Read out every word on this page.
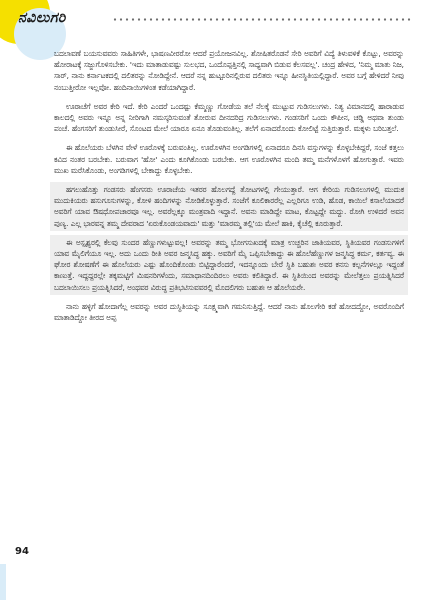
ನವಿಲುಗರಿ

ಬದಲಾವಣೆ ಬಯಸುವವರು ಸಾಹಿತಿಗಳೇ, ಭಾಷಣವೀರರೋ ಆದರೆ ಪ್ರಯೋಜನವಿಲ್ಲ. ಶೋಷಿತರೊಡನೆ ಸೇರಿ ಅವರಿಗೆ ವಿದ್ಯೆ ತಿಳುವಳಿಕೆ ಕೊಟ್ಟು, ಅವರನ್ನು ಹೋರಾಟಕ್ಕೆ ಸಜ್ಜುಗೊಳಿಸಬೇಕು. 'ಇದು ಮಾತಾಡುವಷ್ಟು ಸುಲಭದ, ಒಂದೊಪ್ಪತ್ತಿನಲ್ಲಿ ಸಾಧ್ಯವಾಗಿ ಬಿಡುವ ಕೆಲಸವಲ್ಲ'. ಚಂದ್ರ ಹೇಳಿದ, 'ನಿಮ್ಮ ಮಾತು ನಿಜ, ಸಾರ್, ನಾನು ಕರ್ನಾಟಕದಲ್ಲಿ ದಲಿತರನ್ನು ನೋಡಿದ್ದೇನೆ. ಆದರೆ ನನ್ನ ಹುಟ್ಟೂರಿನಲ್ಲಿರುವ ದಲಿತರು ಇನ್ನೂ ಹೀನಸ್ಥಿತಿಯಲ್ಲಿದ್ದಾರೆ. ಅವರ ಬಗ್ಗೆ ಹೇಳಿದರೆ ನೀವು ನಂಬುತ್ತೀರೋ ಇಲ್ಲವೋ. ಹಂದಿನಾಯಿಗಳಿಂತ ಕಡೆಯಾಗಿದ್ದಾರೆ.

ಊರಾಚೆಗೆ ಅವರ ಕೇರಿ ಇದೆ. ಕೇರಿ ಎಂದರೆ ಒಂದಷ್ಟು ಕೆಮ್ಮಣ್ಣು ಗೋಡೆಯ ತಲೆ ನೆಲಕ್ಕೆ ಮುಟ್ಟುವ ಗುಡಿಸಲುಗಳು. ನಿತ್ಯ ವಿಮಾನದಲ್ಲಿ ಹಾರಾಡುವ ಕಾಲದಲ್ಲಿ ಅವರು ಇನ್ನೂ ಅನ್ನ ನೀರಿಗಾಗಿ ನಮಸ್ಕರಿಸುವಂತೆ ತೋರುವ ದೀನದರಿದ್ರ ಗುಡಿಸಲುಗಳು. ಗಂಡಸರಿಗೆ ಒಂದು ಕೌಪೀನ, ಚಡ್ಡಿ ಅಥವಾ ತುಂಡು ಪಂಚೆ. ಹೆಂಗಸರಿಗೆ ತುಂಡುಸೀರೆ, ಸೊಂಟದ ಮೇಲೆ ಯಾರೂ ಏನೂ ತೊಡುವಂತಿಲ್ಲ. ತಲೆಗೆ ಏನಾದರೊಂದು ಕೋಲಿಟ್ಟೆ ಸುತ್ತಿರುತ್ತಾರೆ. ಮಕ್ಕಳು ಬರಿಬತ್ತಲೆ.

ಈ ಹೊಲೆಯರು ಬೆಳಗಿನ ವೇಳೆ ಊರೊಳಕ್ಕೆ ಬರುವಂತಿಲ್ಲ. ಊರೊಳಗಿನ ಅಂಗಡಿಗಳಲ್ಲಿ ಏನಾದರೂ ದಿನಸಿ ವಸ್ತುಗಳನ್ನು ಕೊಳ್ಳಬೇಕಿದ್ದರೆ, ಸಂಜೆ ಕತ್ತಲು ಕವಿದ ನಂತರ ಬರಬೇಕು. ಬರುವಾಗ 'ಹೋ' ಎಂದು ಕೂಗಿಕೊಂಡು ಬರಬೇಕು. ಆಗ ಊರೊಳಗಿನ ಮಂದಿ ತಮ್ಮ ಮನೆಗಳೊಳಗೆ ಹೋಗುತ್ತಾರೆ. ಇವರು ಮುಖ ಮರೆಸಿಕೊಂಡು, ಅಂಗಡಿಗಳಲ್ಲಿ ಬೇಕಾದ್ದು ಕೊಳ್ಳಬೇಕು.

ಹಗಲುಹೊತ್ತು ಗಂಡಸರು ಹೆಂಗಸರು ಊರಾಚೆಯ ಇತರರ ಹೊಲಗದ್ದೆ ತೋಟಗಳಲ್ಲಿ ಗೇಯುತ್ತಾರೆ. ಆಗ ಕೇರಿಯ ಗುಡಿಸಲುಗಳಲ್ಲಿ ಮುದುಕ ಮುದುಕಿಯರು ಹಸುಗೂಸುಗಳನ್ನು, ಕೋಳಿ ಹಂದಿಗಳನ್ನು ನೋಡಿಕೊಳ್ಳುತ್ತಾರೆ. ಸಂಜೆಗೆ ಕೂಲಿಕಾರರೆಲ್ಲ ಎಲ್ಲರಿಗೂ ಉಡಿ, ಹೊಡ, ಕಾಯಿಲೆ ಕಸಾಲೆಯಾದರೆ ಅವರಿಗೆ ಯಾವ ಔಷಧೋಪಚಾರವೂ ಇಲ್ಲ. ಅವರೆಲ್ಲಕ್ಕೂ ಮಂತ್ರವಾದಿ ಇದ್ದಾನೆ. ಅವನು ಮಾಡಿದ್ದೇ ಮಾಟ, ಕೊಟ್ಟದ್ದೇ ಮದ್ದು. ರೋಗಿ ಉಳಿದರೆ ಅವನ ಪುಣ್ಯ. ಎಲ್ಲ ಭಾರವನ್ನ ತಮ್ಮ ದೇವರಾದ 'ಏರುಕೊಂಡಯವಾದು' ಮತ್ತು 'ಮಾರಮ್ಮ ತಲ್ಲಿ'ಯ ಮೇಲೆ ಹಾಕಿ, ಕೈಚೆಲ್ಲಿ ಕೂರುತ್ತಾರೆ.

ಈ ಅಸ್ಪೃಶ್ಯರಲ್ಲಿ ಕೆಲವು ಸುಂದರ ಹೆಣ್ಣುಗಳುಟ್ಟುವಲ್ಲ! ಅವರನ್ನು ತಮ್ಮ ಭೋಗಸುಖದಕ್ಕೆ ಮಾತ್ರ ಉಚ್ಚರಿನ ಜಾತಿಯವರ, ಸ್ಥಿತಿಯವರ ಗಂಡಸುಗಳಿಗೆ ಯಾವ ಮೈಲಿಗೆಯೂ ಇಲ್ಲ. ಅದು ಒಂದು ರೀತಿ ಅವರ ಜನ್ಮಸಿದ್ಧ ಹಕ್ಕು. ಅವರಿಗೆ ಮೈ ಒಪ್ಪಿಸಬೇಕಾದ್ದು ಈ ಹೊಲೆಹೆಣ್ಣುಗಳ ಜನ್ಮಸಿದ್ಧ ಕರ್ಮ, ಕರ್ತವ್ಯ. ಈ ಘೋರ ಶೋಷಣೆಗೆ ಈ ಹೊಲೆಯರು ಎಷ್ಟು ಹೊಂದಿಕೊಂಡು ಬಿಟ್ಟಿದ್ದಾರೆಂದರೆ, ಇದನ್ನೂಂದು ಬೇರೆ ಸ್ಥಿತಿ ಬಹುಶಃ ಅವರ ಕನಸು ಕಲ್ಪನೆಗಳಲ್ಲೂ ಇದ್ದಂತೆ ಕಾಣುತ್ತೆ. ಇದ್ದದ್ದರಲ್ಲೇ ತಕ್ಕಮಟ್ಟಿಗೆ ಮಿಷನರಿಗಳೆಂದು, ಸಮಾಧಾನದಿಂದಿರಲು ಅವರು ಕಲಿತಿದ್ದಾರೆ. ಈ ಸ್ಥಿತಿಯಿಂದ ಅವರನ್ನು ಮೇಲೆತ್ತಲು ಪ್ರಯತ್ನಿಸಿದರೆ ಬದಲಾಯಿಸಲು ಪ್ರಯತ್ನಿಸಿದರೆ, ಅಂಥವರ ವಿರುದ್ಧ ಪ್ರತಿಭಟಿಸುವವರಲ್ಲಿ ಮೊದಲಿಗರು ಬಹುಶಃ ಆ ಹೊಲೆಯರೇ.

ನಾನು ಹಳ್ಳಿಗೆ ಹೋದಾಗೆಲ್ಲ ಅವರನ್ನು ಅವರ ದುಸ್ಥಿತಿಯನ್ನು ಸೂಕ್ಷ್ಮವಾಗಿ ಗಮನಿಸುತ್ತಿದ್ದೆ. ಆದರೆ ನಾನು ಹೊಲಗೇರಿ ಕಡೆ ಹೋದದ್ದೋ, ಅವರೊಂದಿಗೆ ಮಾತಾಡಿದ್ದೋ ತೀರದ ಅಪ್ಪ

94
